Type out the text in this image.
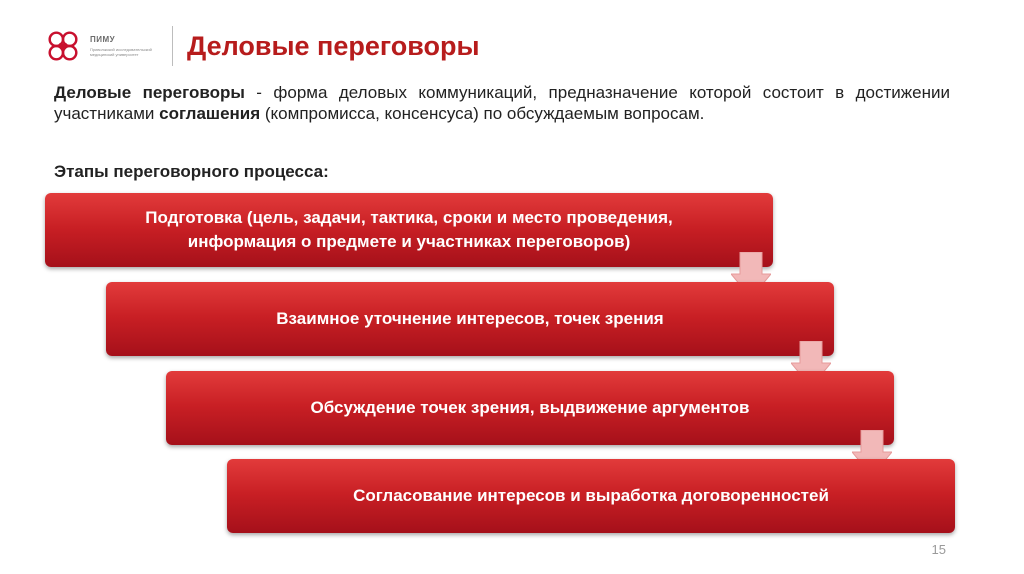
ПИМУ
Приволжский исследовательский медицинский университет	Деловые переговоры
Деловые переговоры - форма деловых коммуникаций, предназначение которой состоит в достижении участниками соглашения (компромисса, консенсуса) по обсуждаемым вопросам.
Этапы переговорного процесса:
Подготовка (цель, задачи, тактика, сроки и место проведения,
информация о предмете и участниках переговоров)
Взаимное уточнение интересов, точек зрения
Обсуждение точек зрения, выдвижение аргументов
Согласование интересов и выработка договоренностей
15
